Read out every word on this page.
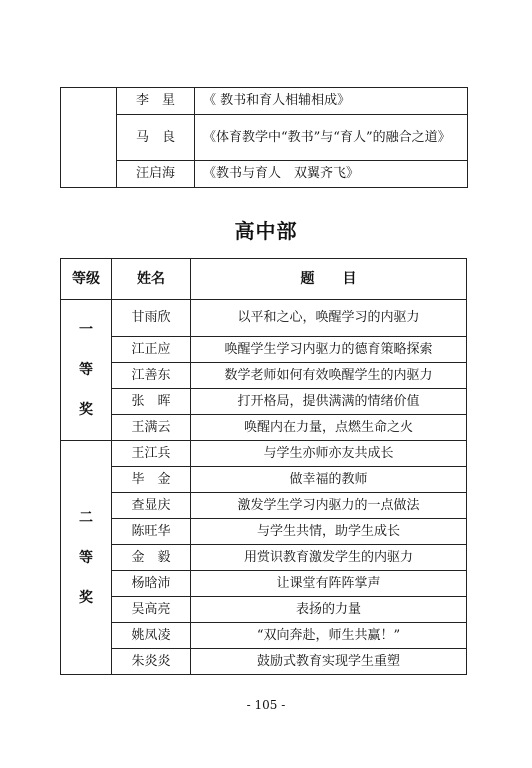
	李　星	《 教书和育人相辅相成》
	马　良	《体育教学中“教书”与“育人”的融合之道》
	汪启海	《教书与育人　双翼齐飞》
高中部
等级	姓名	题　　目
一等奖	甘雨欣	以平和之心，唤醒学习的内驱力
	江正应	唤醒学生学习内驱力的德育策略探索
	江善东	数学老师如何有效唤醒学生的内驱力
	张　晖	打开格局，提供满满的情绪价值
	王满云	唤醒内在力量，点燃生命之火
二等奖	王江兵	与学生亦师亦友共成长
	毕　金	做幸福的教师
	查显庆	激发学生学习内驱力的一点做法
	陈旺华	与学生共情，助学生成长
	金　毅	用赏识教育激发学生的内驱力
	杨晗沛	让课堂有阵阵掌声
	吴高亮	表扬的力量
	姚凤凌	“双向奔赴，师生共赢！”
	朱炎炎	鼓励式教育实现学生重塑
- 105 -
